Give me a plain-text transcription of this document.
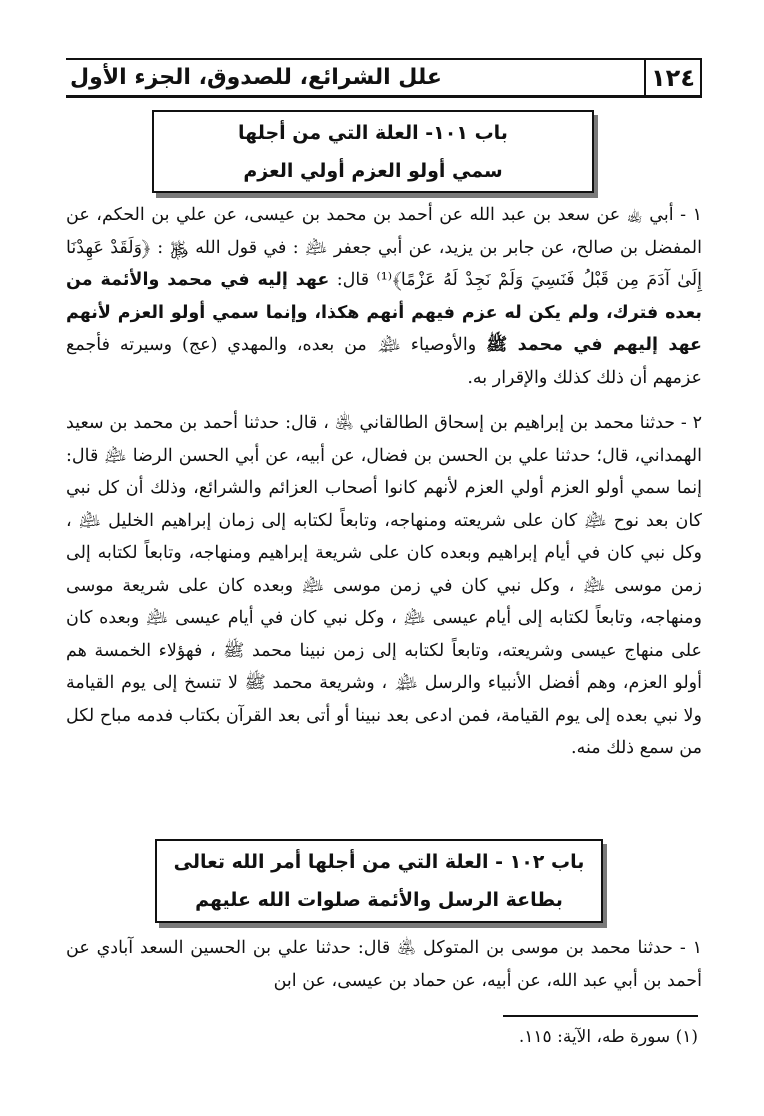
١٢٤
علل الشرائع، للصدوق، الجزء الأول
باب ١٠١- العلة التي من أجلها
سمي أولو العزم أولي العزم
١ - أبي ﵀ عن سعد بن عبد الله عن أحمد بن محمد بن عيسى، عن علي بن الحكم، عن المفضل بن صالح، عن جابر بن يزيد، عن أبي جعفر ﵇ : في قول الله ﷿ : ﴿وَلَقَدْ عَهِدْنَا إِلَىٰ آدَمَ مِن قَبْلُ فَنَسِيَ وَلَمْ نَجِدْ لَهُ عَزْمًا﴾⁽¹⁾ قال: عهد إليه في محمد والأئمة من بعده فترك، ولم يكن له عزم فيهم أنهم هكذا، وإنما سمي أولو العزم لأنهم عهد إليهم في محمد ﷺ والأوصياء ﵈ من بعده، والمهدي (عج) وسيرته فأجمع عزمهم أن ذلك كذلك والإقرار به.
٢ - حدثنا محمد بن إبراهيم بن إسحاق الطالقاني ﵁ ، قال: حدثنا أحمد بن محمد بن سعيد الهمداني، قال؛ حدثنا علي بن الحسن بن فضال، عن أبيه، عن أبي الحسن الرضا ﵇ قال: إنما سمي أولو العزم أولي العزم لأنهم كانوا أصحاب العزائم والشرائع، وذلك أن كل نبي كان بعد نوح ﵇ كان على شريعته ومنهاجه، وتابعاً لكتابه إلى زمان إبراهيم الخليل ﵇ ، وكل نبي كان في أيام إبراهيم وبعده كان على شريعة إبراهيم ومنهاجه، وتابعاً لكتابه إلى زمن موسى ﵇ ، وكل نبي كان في زمن موسى ﵇ وبعده كان على شريعة موسى ومنهاجه، وتابعاً لكتابه إلى أيام عيسى ﵇ ، وكل نبي كان في أيام عيسى ﵇ وبعده كان على منهاج عيسى وشريعته، وتابعاً لكتابه إلى زمن نبينا محمد ﷺ ، فهؤلاء الخمسة هم أولو العزم، وهم أفضل الأنبياء والرسل ﵈ ، وشريعة محمد ﷺ لا تنسخ إلى يوم القيامة ولا نبي بعده إلى يوم القيامة، فمن ادعى بعد نبينا أو أتى بعد القرآن بكتاب فدمه مباح لكل من سمع ذلك منه.
باب ١٠٢ - العلة التي من أجلها أمر الله تعالى
بطاعة الرسل والأئمة صلوات الله عليهم
١ - حدثنا محمد بن موسى بن المتوكل ﵁ قال: حدثنا علي بن الحسين السعد آبادي عن أحمد بن أبي عبد الله، عن أبيه، عن حماد بن عيسى، عن ابن
(١) سورة طه، الآية: ١١٥.
